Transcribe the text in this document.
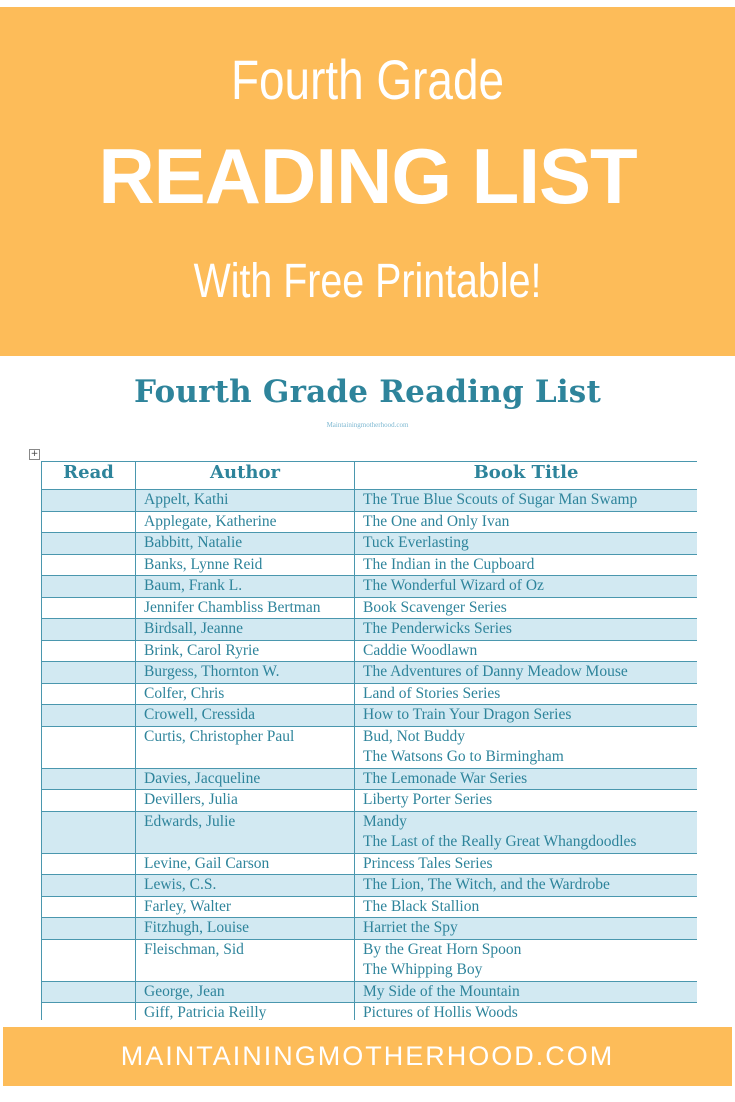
Fourth Grade
READING LIST
With Free Printable!
Fourth Grade Reading List
Maintainingmotherhood.com
+
Read	Author	Book Title
	Appelt, Kathi	The True Blue Scouts of Sugar Man Swamp

	Applegate, Katherine	The One and Only Ivan

	Babbitt, Natalie	Tuck Everlasting

	Banks, Lynne Reid	The Indian in the Cupboard

	Baum, Frank L.	The Wonderful Wizard of Oz

	Jennifer Chambliss Bertman	Book Scavenger Series

	Birdsall, Jeanne	The Penderwicks Series

	Brink, Carol Ryrie	Caddie Woodlawn

	Burgess, Thornton W.	The Adventures of Danny Meadow Mouse

	Colfer, Chris	Land of Stories Series

	Crowell, Cressida	How to Train Your Dragon Series

	Curtis, Christopher Paul	Bud, Not Buddy
The Watsons Go to Birmingham

	Davies, Jacqueline	The Lemonade War Series

	Devillers, Julia	Liberty Porter Series

	Edwards, Julie	Mandy
The Last of the Really Great Whangdoodles

	Levine, Gail Carson	Princess Tales Series

	Lewis, C.S.	The Lion, The Witch, and the Wardrobe

	Farley, Walter	The Black Stallion

	Fitzhugh, Louise	Harriet the Spy

	Fleischman, Sid	By the Great Horn Spoon
The Whipping Boy

	George, Jean	My Side of the Mountain

	Giff, Patricia Reilly	Pictures of Hollis Woods

MAINTAININGMOTHERHOOD.COM
